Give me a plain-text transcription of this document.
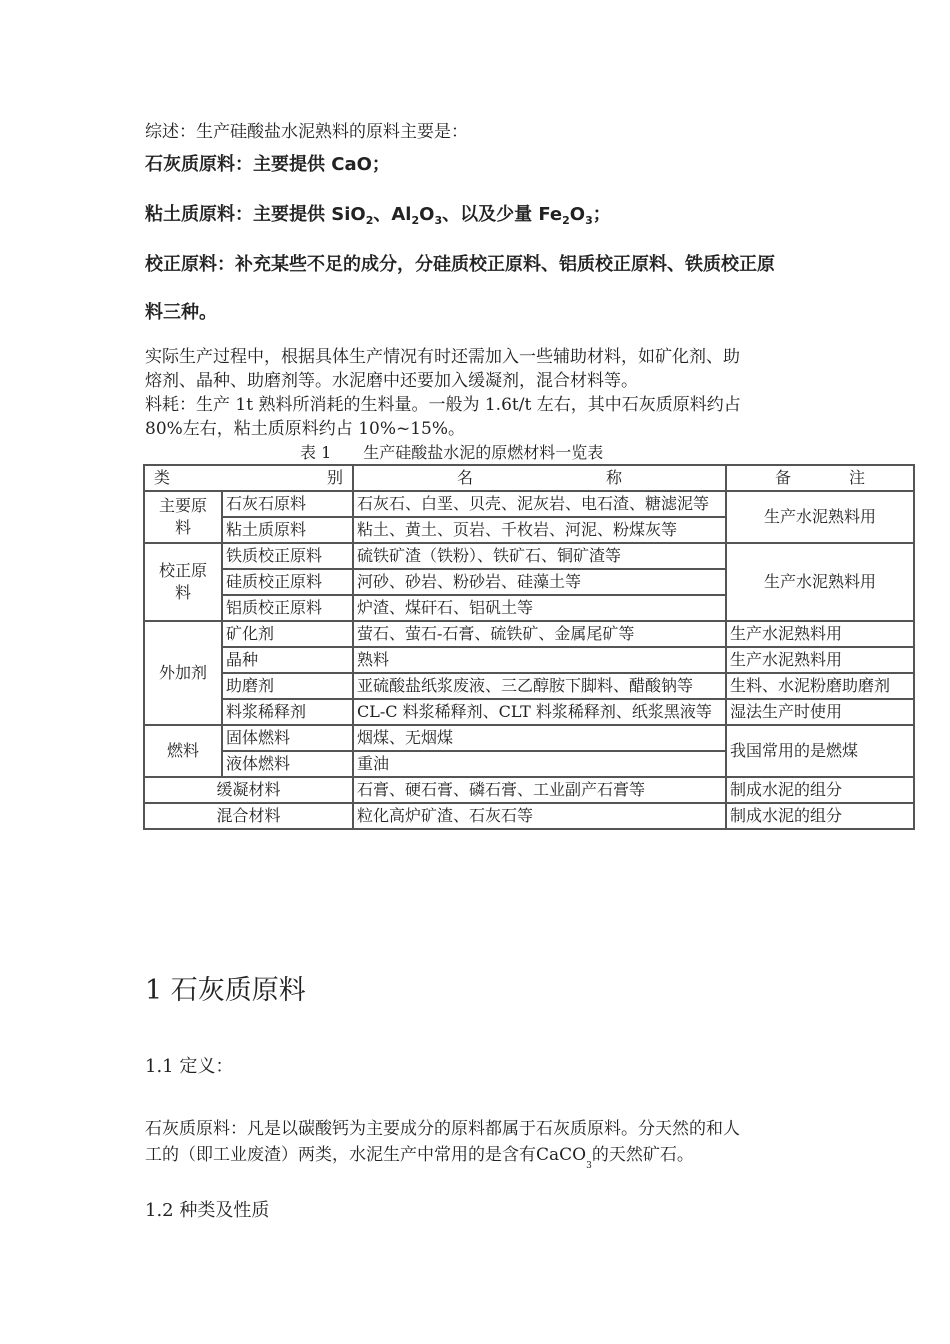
综述：生产硅酸盐水泥熟料的原料主要是：

石灰质原料：主要提供 CaO；

粘土质原料：主要提供 SiO$_2$、$Al_2O_3$、以及少量 $Fe_2O_3$；

校正原料：补充某些不足的成分，分硅质校正原料、铝质校正原料、铁质校正原

料三种。

实际生产过程中，根据具体生产情况有时还需加入一些辅助材料，如矿化剂、助

熔剂、晶种、助磨剂等。水泥磨中还要加入缓凝剂，混合材料等。

料耗：生产 1t 熟料所消耗的生料量。一般为 1.6t/t 左右，其中石灰质原料约占

80%左右，粘土质原料约占 10%~15%。

表 1　　生产硅酸盐水泥的原燃材料一览表
类 别		名 称	备 注

主要原料	石灰石原料	石灰石、白垩、贝壳、泥灰岩、电石渣、糖滤泥等	生产水泥熟料用
	粘土质原料	粘土、黄土、页岩、千枚岩、河泥、粉煤灰等	
校正原料	铁质校正原料	硫铁矿渣（铁粉）、铁矿石、铜矿渣等	生产水泥熟料用
	硅质校正原料	河砂、砂岩、粉砂岩、硅藻土等	
	铝质校正原料	炉渣、煤矸石、铝矾土等	
外加剂	矿化剂	萤石、萤石-石膏、硫铁矿、金属尾矿等	生产水泥熟料用
	晶种	熟料	生产水泥熟料用
	助磨剂	亚硫酸盐纸浆废液、三乙醇胺下脚料、醋酸钠等	生料、水泥粉磨助磨剂
	料浆稀释剂	CL-C 料浆稀释剂、CLT 料浆稀释剂、纸浆黑液等	湿法生产时使用
燃料	固体燃料	烟煤、无烟煤	我国常用的是燃煤
	液体燃料	重油	
缓凝材料		石膏、硬石膏、磷石膏、工业副产石膏等	制成水泥的组分
混合材料		粒化高炉矿渣、石灰石等	制成水泥的组分

1 石灰质原料

1.1 定义：

石灰质原料：凡是以碳酸钙为主要成分的原料都属于石灰质原料。分天然的和人

工的（即工业废渣）两类，水泥生产中常用的是含有CaCO$_3$的天然矿石。

1.2 种类及性质
